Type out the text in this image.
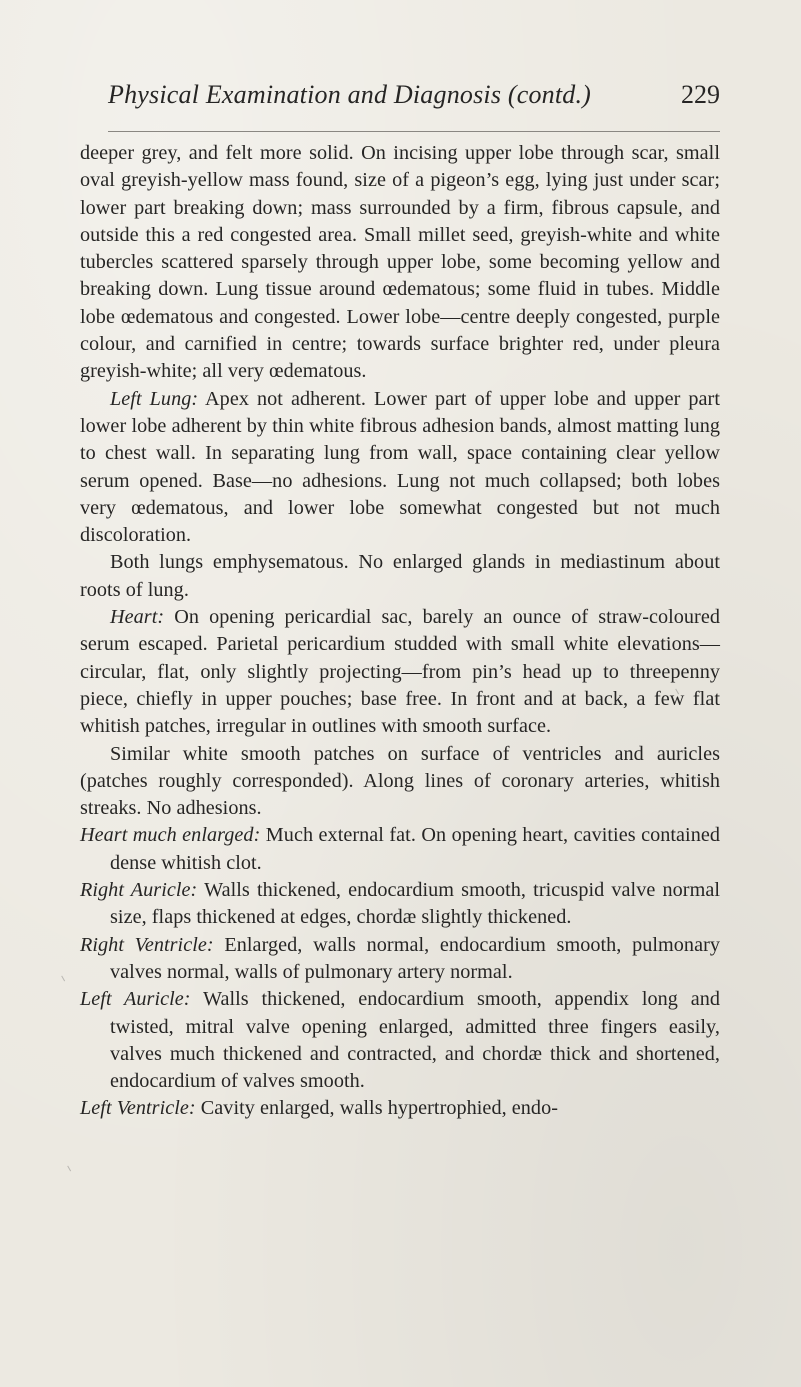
Physical Examination and Diagnosis (contd.)	229

deeper grey, and felt more solid. On incising upper lobe through scar, small oval greyish-yellow mass found, size of a pigeon’s egg, lying just under scar; lower part breaking down; mass surrounded by a firm, fibrous capsule, and outside this a red congested area. Small millet seed, greyish-white and white tubercles scattered sparsely through upper lobe, some becoming yellow and breaking down. Lung tissue around œdematous; some fluid in tubes. Middle lobe œdematous and congested. Lower lobe—centre deeply congested, purple colour, and carnified in centre; towards surface brighter red, under pleura greyish-white; all very œdematous.

Left Lung: Apex not adherent. Lower part of upper lobe and upper part lower lobe adherent by thin white fibrous adhesion bands, almost matting lung to chest wall. In separating lung from wall, space containing clear yellow serum opened. Base—no adhesions. Lung not much collapsed; both lobes very œdematous, and lower lobe somewhat congested but not much discoloration.

Both lungs emphysematous. No enlarged glands in mediastinum about roots of lung.

Heart: On opening pericardial sac, barely an ounce of straw-coloured serum escaped. Parietal pericardium studded with small white elevations—circular, flat, only slightly projecting—from pin’s head up to threepenny piece, chiefly in upper pouches; base free. In front and at back, a few flat whitish patches, irregular in outlines with smooth surface.

Similar white smooth patches on surface of ventricles and auricles (patches roughly corresponded). Along lines of coronary arteries, whitish streaks. No adhesions.

Heart much enlarged: Much external fat. On opening heart, cavities contained dense whitish clot.

Right Auricle: Walls thickened, endocardium smooth, tricuspid valve normal size, flaps thickened at edges, chordæ slightly thickened.

Right Ventricle: Enlarged, walls normal, endocardium smooth, pulmonary valves normal, walls of pulmonary artery normal.

Left Auricle: Walls thickened, endocardium smooth, appendix long and twisted, mitral valve opening enlarged, admitted three fingers easily, valves much thickened and contracted, and chordæ thick and shortened, endocardium of valves smooth.

Left Ventricle: Cavity enlarged, walls hypertrophied, endo-
